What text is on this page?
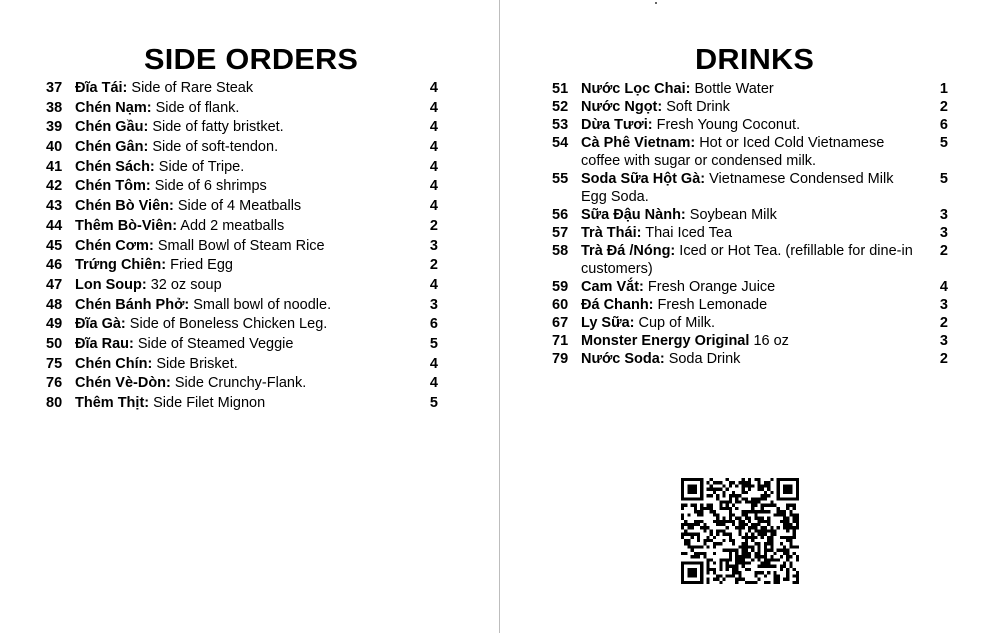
SIDE ORDERS
37 Đĩa Tái: Side of Rare Steak	4
38 Chén Nạm: Side of flank.	4
39 Chén Gầu: Side of fatty bristket.	4
40 Chén Gân: Side of soft-tendon.	4
41 Chén Sách: Side of Tripe.	4
42 Chén Tôm: Side of 6 shrimps	4
43 Chén Bò Viên: Side of 4 Meatballs	4
44 Thêm Bò-Viên: Add 2 meatballs	2
45 Chén Cơm: Small Bowl of Steam Rice	3
46 Trứng Chiên: Fried Egg	2
47 Lon Soup: 32 oz soup	4
48 Chén Bánh Phở: Small bowl of noodle.	3
49 Đĩa Gà: Side of Boneless Chicken Leg.	6
50 Đĩa Rau: Side of Steamed Veggie	5
75 Chén Chín: Side Brisket.	4
76 Chén Vè-Dòn: Side Crunchy-Flank.	4
80 Thêm Thịt: Side Filet Mignon	5
DRINKS
51 Nước Lọc Chai: Bottle Water	1
52 Nước Ngọt: Soft Drink	2
53 Dừa Tươi: Fresh Young Coconut.	6
54 Cà Phê Vietnam: Hot or Iced Cold Vietnamese coffee with sugar or condensed milk.
5
55 Soda Sữa Hột Gà: Vietnamese Condensed Milk Egg Soda.
5
56 Sữa Đậu Nành: Soybean Milk	3
57 Trà Thái: Thai Iced Tea	3
58 Trà Đá /Nóng: Iced or Hot Tea. (refillable for dine-in customers)
2
59 Cam Vắt: Fresh Orange Juice	4
60 Đá Chanh: Fresh Lemonade	3
67 Ly Sữa: Cup of Milk.	2
71 Monster Energy Original 16 oz	3
79 Nước Soda: Soda Drink	2
